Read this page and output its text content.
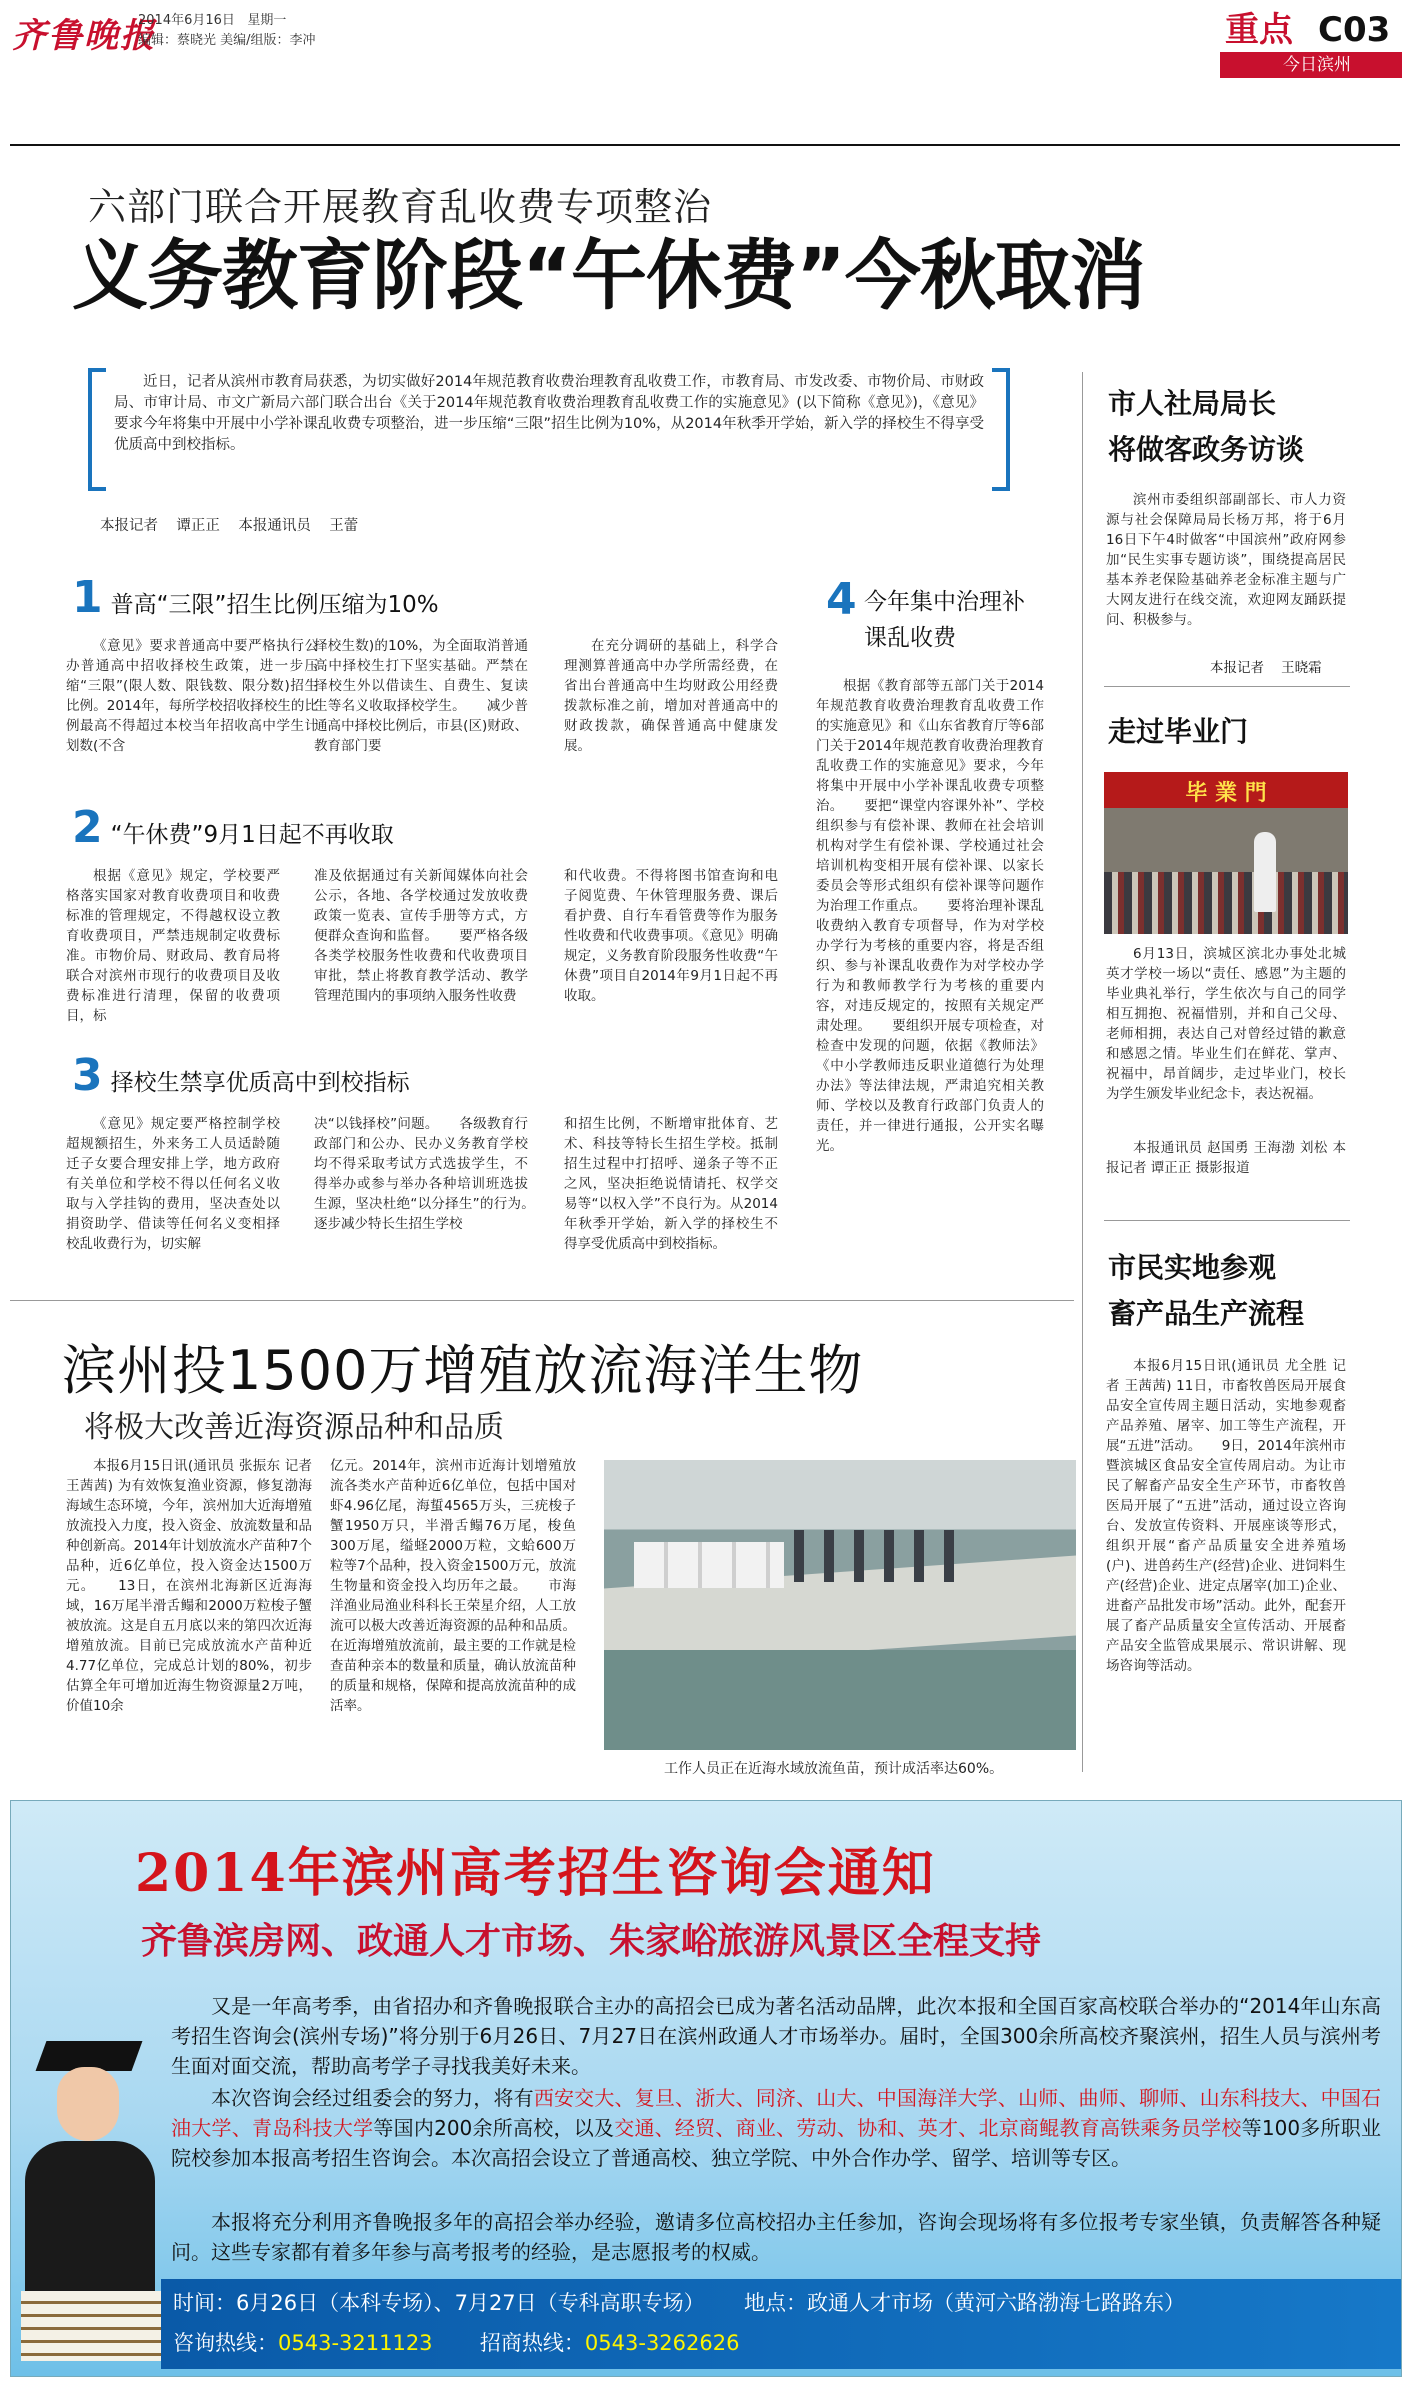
齐鲁晚报
2014年6月16日 星期一
编辑：蔡晓光 美编/组版：李冲	重点 C03
今日滨州
六部门联合开展教育乱收费专项整治
义务教育阶段“午休费”今秋取消
近日，记者从滨州市教育局获悉，为切实做好2014年规范教育收费治理教育乱收费工作，市教育局、市发改委、市物价局、市财政局、市审计局、市文广新局六部门联合出台《关于2014年规范教育收费治理教育乱收费工作的实施意见》(以下简称《意见》)，《意见》要求今年将集中开展中小学补课乱收费专项整治，进一步压缩“三限”招生比例为10%，从2014年秋季开学始，新入学的择校生不得享受优质高中到校指标。
本报记者    谭正正    本报通讯员    王蕾
1 普高“三限”招生比例压缩为10%
《意见》要求普通高中要严格执行公办普通高中招收择校生政策，进一步压缩“三限”(限人数、限钱数、限分数)招生比例。2014年，每所学校招收择校生的比例最高不得超过本校当年招收高中学生计划数(不含
择校生数)的10%，为全面取消普通高中择校生打下坚实基础。严禁在择校生外以借读生、自费生、复读生等名义收取择校学生。　　减少普通高中择校比例后，市县(区)财政、教育部门要
在充分调研的基础上，科学合理测算普通高中办学所需经费，在省出台普通高中生均财政公用经费拨款标准之前，增加对普通高中的财政拨款，确保普通高中健康发展。
2 “午休费”9月1日起不再收取
根据《意见》规定，学校要严格落实国家对教育收费项目和收费标准的管理规定，不得越权设立教育收费项目，严禁违规制定收费标准。市物价局、财政局、教育局将联合对滨州市现行的收费项目及收费标准进行清理，保留的收费项目，标
准及依据通过有关新闻媒体向社会公示，各地、各学校通过发放收费政策一览表、宣传手册等方式，方便群众查询和监督。　　要严格各级各类学校服务性收费和代收费项目审批，禁止将教育教学活动、教学管理范围内的事项纳入服务性收费
和代收费。不得将图书馆查询和电子阅览费、午休管理服务费、课后看护费、自行车看管费等作为服务性收费和代收费事项。《意见》明确规定，义务教育阶段服务性收费“午休费”项目自2014年9月1日起不再收取。
3 择校生禁享优质高中到校指标
《意见》规定要严格控制学校超规额招生，外来务工人员适龄随迁子女要合理安排上学，地方政府有关单位和学校不得以任何名义收取与入学挂钩的费用，坚决查处以捐资助学、借读等任何名义变相择校乱收费行为，切实解
决“以钱择校”问题。　　各级教育行政部门和公办、民办义务教育学校均不得采取考试方式选拔学生，不得举办或参与举办各种培训班选拔生源，坚决杜绝“以分择生”的行为。　　逐步减少特长生招生学校
和招生比例，不断增审批体育、艺术、科技等特长生招生学校。抵制招生过程中打招呼、递条子等不正之风，坚决拒绝说情请托、权学交易等“以权入学”不良行为。从2014年秋季开学始，新入学的择校生不得享受优质高中到校指标。
4 今年集中治理补课乱收费
根据《教育部等五部门关于2014年规范教育收费治理教育乱收费工作的实施意见》和《山东省教育厅等6部门关于2014年规范教育收费治理教育乱收费工作的实施意见》要求，今年将集中开展中小学补课乱收费专项整治。　　要把“课堂内容课外补”、学校组织参与有偿补课、教师在社会培训机构对学生有偿补课、学校通过社会培训机构变相开展有偿补课、以家长委员会等形式组织有偿补课等问题作为治理工作重点。　　要将治理补课乱收费纳入教育专项督导，作为对学校办学行为考核的重要内容，将是否组织、参与补课乱收费作为对学校办学行为和教师教学行为考核的重要内容，对违反规定的，按照有关规定严肃处理。　　要组织开展专项检查，对检查中发现的问题，依据《教师法》《中小学教师违反职业道德行为处理办法》等法律法规，严肃追究相关教师、学校以及教育行政部门负责人的责任，并一律进行通报，公开实名曝光。
市人社局局长
将做客政务访谈
滨州市委组织部副部长、市人力资源与社会保障局局长杨万邦，将于6月16日下午4时做客“中国滨州”政府网参加“民生实事专题访谈”，围绕提高居民基本养老保险基础养老金标准主题与广大网友进行在线交流，欢迎网友踊跃提问、积极参与。
本报记者    王晓霜
走过毕业门
毕 業 門
6月13日，滨城区滨北办事处北城英才学校一场以“责任、感恩”为主题的毕业典礼举行，学生依次与自己的同学相互拥抱、祝福惜别，并和自己父母、老师相拥，表达自己对曾经过错的歉意和感恩之情。毕业生们在鲜花、掌声、祝福中，昂首阔步，走过毕业门，校长为学生颁发毕业纪念卡，表达祝福。
本报通讯员 赵国勇 王海渤 刘松 本报记者 谭正正 摄影报道
市民实地参观
畜产品生产流程
本报6月15日讯(通讯员 尤全胜 记者 王茜茜) 11日，市畜牧兽医局开展食品安全宣传周主题日活动，实地参观畜产品养殖、屠宰、加工等生产流程，开展“五进”活动。　　9日，2014年滨州市暨滨城区食品安全宣传周启动。为让市民了解畜产品安全生产环节，市畜牧兽医局开展了“五进”活动，通过设立咨询台、发放宣传资料、开展座谈等形式，组织开展“畜产品质量安全进养殖场(户)、进兽药生产(经营)企业、进饲料生产(经营)企业、进定点屠宰(加工)企业、进畜产品批发市场”活动。此外，配套开展了畜产品质量安全宣传活动、开展畜产品安全监管成果展示、常识讲解、现场咨询等活动。
滨州投1500万增殖放流海洋生物
将极大改善近海资源品种和品质
本报6月15日讯(通讯员 张振东 记者 王茜茜) 为有效恢复渔业资源，修复渤海海域生态环境，今年，滨州加大近海增殖放流投入力度，投入资金、放流数量和品种创新高。2014年计划放流水产苗种7个品种，近6亿单位，投入资金达1500万元。　　13日，在滨州北海新区近海海域，16万尾半滑舌鳎和2000万粒梭子蟹被放流。这是自五月底以来的第四次近海增殖放流。目前已完成放流水产苗种近4.77亿单位，完成总计划的80%，初步估算全年可增加近海生物资源量2万吨，价值10余
亿元。2014年，滨州市近海计划增殖放流各类水产苗种近6亿单位，包括中国对虾4.96亿尾，海蜇4565万头，三疣梭子蟹1950万只，半滑舌鳎76万尾，梭鱼300万尾，缢蛏2000万粒，文蛤600万粒等7个品种，投入资金1500万元，放流生物量和资金投入均历年之最。　　市海洋渔业局渔业科科长王荣星介绍，人工放流可以极大改善近海资源的品种和品质。在近海增殖放流前，最主要的工作就是检查苗种亲本的数量和质量，确认放流苗种的质量和规格，保障和提高放流苗种的成活率。
工作人员正在近海水域放流鱼苗，预计成活率达60%。
2014年滨州高考招生咨询会通知
齐鲁滨房网、政通人才市场、朱家峪旅游风景区全程支持
又是一年高考季，由省招办和齐鲁晚报联合主办的高招会已成为著名活动品牌，此次本报和全国百家高校联合举办的“2014年山东高考招生咨询会(滨州专场)”将分别于6月26日、7月27日在滨州政通人才市场举办。届时，全国300余所高校齐聚滨州，招生人员与滨州考生面对面交流，帮助高考学子寻找我美好未来。
本次咨询会经过组委会的努力，将有西安交大、复旦、浙大、同济、山大、中国海洋大学、山师、曲师、聊师、山东科技大、中国石油大学、青岛科技大学等国内200余所高校，以及交通、经贸、商业、劳动、协和、英才、北京商鲲教育高铁乘务员学校等100多所职业院校参加本报高考招生咨询会。本次高招会设立了普通高校、独立学院、中外合作办学、留学、培训等专区。
本报将充分利用齐鲁晚报多年的高招会举办经验，邀请多位高校招办主任参加，咨询会现场将有多位报考专家坐镇，负责解答各种疑问。这些专家都有着多年参与高考报考的经验，是志愿报考的权威。
时间：6月26日（本科专场）、7月27日（专科高职专场） 地点：政通人才市场（黄河六路渤海七路路东）
咨询热线：0543-3211123 招商热线：0543-3262626
